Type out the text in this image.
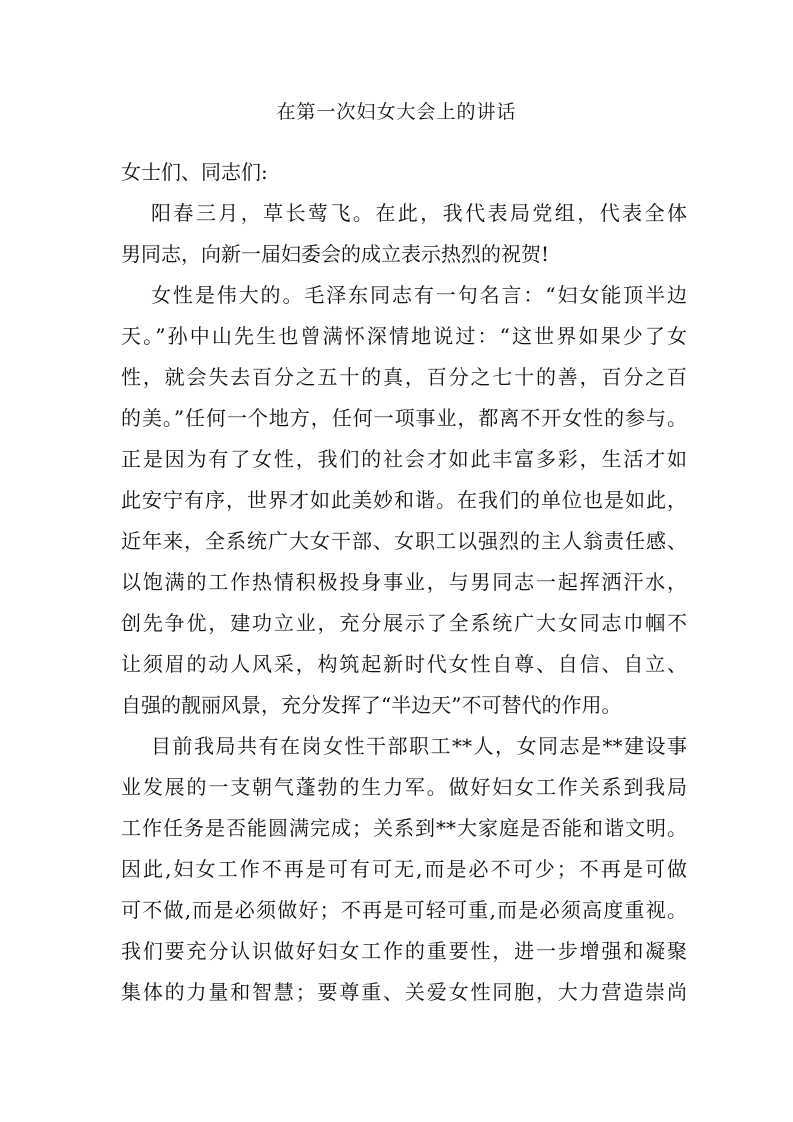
在第一次妇女大会上的讲话
女士们、同志们:
阳春三月，草长莺飞。在此，我代表局党组，代表全体
男同志，向新一届妇委会的成立表示热烈的祝贺!
女性是伟大的。毛泽东同志有一句名言：“妇女能顶半边
天。”孙中山先生也曾满怀深情地说过：“这世界如果少了女
性，就会失去百分之五十的真，百分之七十的善，百分之百
的美。”任何一个地方，任何一项事业，都离不开女性的参与。
正是因为有了女性，我们的社会才如此丰富多彩，生活才如
此安宁有序，世界才如此美妙和谐。在我们的单位也是如此，
近年来，全系统广大女干部、女职工以强烈的主人翁责任感、
以饱满的工作热情积极投身事业，与男同志一起挥洒汗水，
创先争优，建功立业，充分展示了全系统广大女同志巾帼不
让须眉的动人风采，构筑起新时代女性自尊、自信、自立、
自强的靓丽风景，充分发挥了“半边天”不可替代的作用。
目前我局共有在岗女性干部职工**人，女同志是**建设事
业发展的一支朝气蓬勃的生力军。做好妇女工作关系到我局
工作任务是否能圆满完成；关系到**大家庭是否能和谐文明。
因此,妇女工作不再是可有可无,而是必不可少；不再是可做
可不做,而是必须做好；不再是可轻可重,而是必须高度重视。
我们要充分认识做好妇女工作的重要性，进一步增强和凝聚
集体的力量和智慧；要尊重、关爱女性同胞，大力营造崇尚
